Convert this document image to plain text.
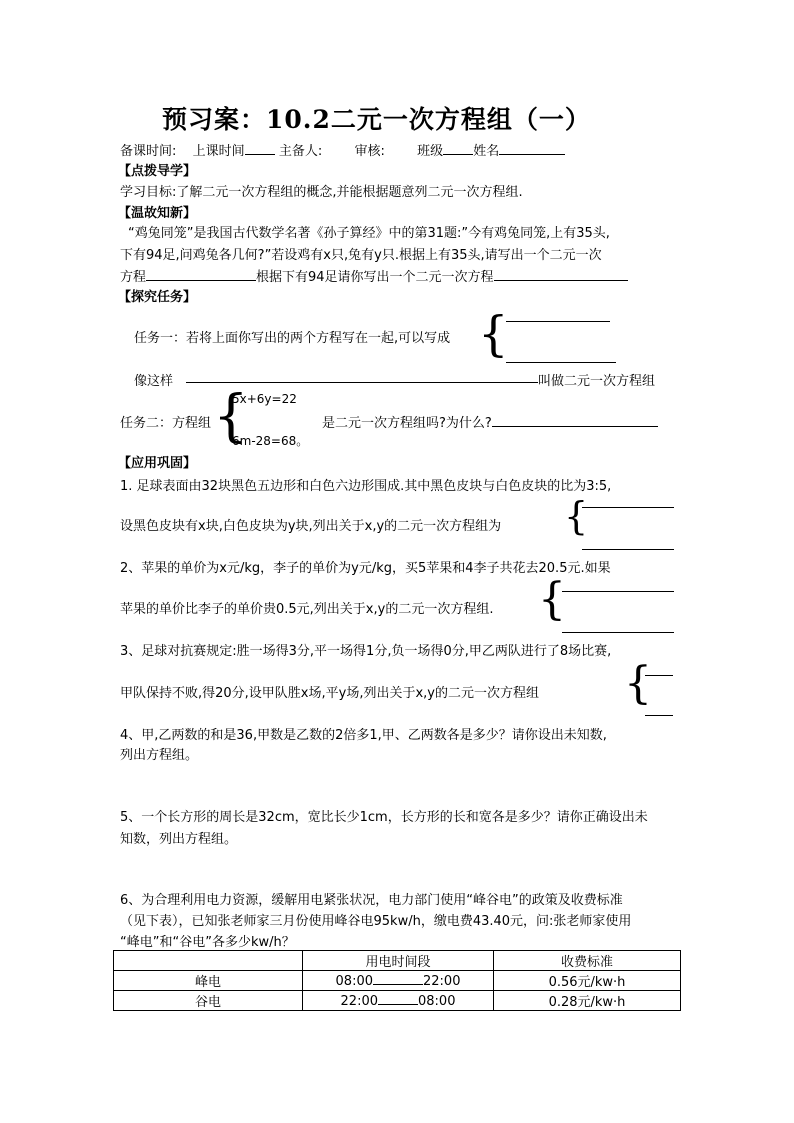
预习案：10.2二元一次方程组（一）
备课时间: 上课时间	主备人: 审核: 班级 姓名
【点拨导学】
学习目标:了解二元一次方程组的概念,并能根据题意列二元一次方程组.
【温故知新】
“鸡兔同笼”是我国古代数学名著《孙子算经》中的第31题:”今有鸡兔同笼,上有35头,
下有94足,问鸡兔各几何?”若设鸡有x只,兔有y只.根据上有35头,请写出一个二元一次
方程	根据下有94足请你写出一个二元一次方程
【探究任务】
任务一：若将上面你写出的两个方程写在一起,可以写成 {
像这样	叫做二元一次方程组
任务二：方程组 {
5x+6y=22
6m-28=68。
是二元一次方程组吗?为什么?
【应用巩固】
1. 足球表面由32块黑色五边形和白色六边形围成.其中黑色皮块与白色皮块的比为3:5,
设黑色皮块有x块,白色皮块为y块,列出关于x,y的二元一次方程组为 {
2、苹果的单价为x元/kg，李子的单价为y元/kg，买5苹果和4李子共花去20.5元.如果
苹果的单价比李子的单价贵0.5元,列出关于x,y的二元一次方程组. {
3、足球对抗赛规定:胜一场得3分,平一场得1分,负一场得0分,甲乙两队进行了8场比赛,
甲队保持不败,得20分,设甲队胜x场,平y场,列出关于x,y的二元一次方程组 {
4、甲,乙两数的和是36,甲数是乙数的2倍多1,甲、乙两数各是多少？请你设出未知数,
列出方程组。
5、一个长方形的周长是32cm，宽比长少1cm，长方形的长和宽各是多少？请你正确设出未
知数，列出方程组。
6、为合理利用电力资源，缓解用电紧张状况，电力部门使用“峰谷电”的政策及收费标准
（见下表），已知张老师家三月份使用峰谷电95kw/h，缴电费43.40元，问:张老师家使用
“峰电”和“谷电”各多少kw/h？
	用电时间段	收费标准
峰电	08:00 22:00	0.56元/kw·h
谷电	22:00 08:00	0.28元/kw·h
